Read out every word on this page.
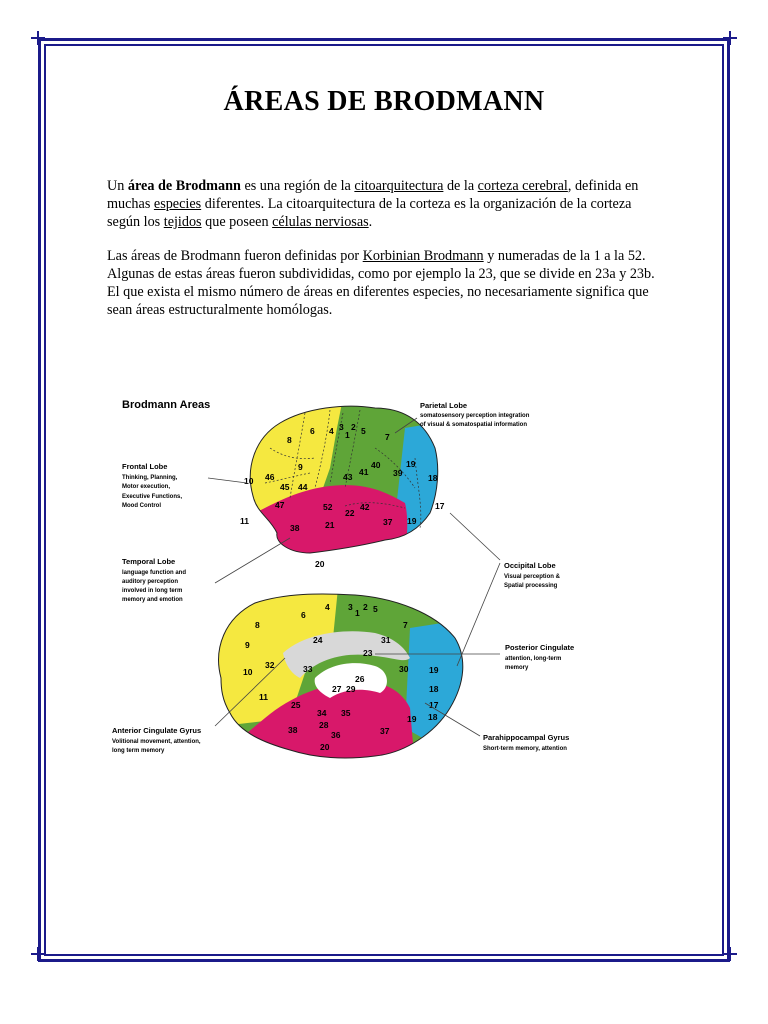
ÁREAS DE BRODMANN
Un área de Brodmann es una región de la citoarquitectura de la corteza cerebral, definida en muchas especies diferentes. La citoarquitectura de la corteza es la organización de la corteza según los tejidos que poseen células nerviosas.
Las áreas de Brodmann fueron definidas por Korbinian Brodmann y numeradas de la 1 a la 52. Algunas de estas áreas fueron subdivididas, como por ejemplo la 23, que se divide en 23a y 23b. El que exista el mismo número de áreas en diferentes especies, no necesariamente significa que sean áreas estructuralmente homólogas.
8
6 4 3
1
2 5
7
9
46
10
45 44
43 41
40
39
19
18
17
47
11
52
22
42
38	21	37
20
19
6
4 3
1
2 5
7
8
24	31
9
32
23
33	30 19
10
26
27 29	18
11
25	17
34 35
28
36
19
37
38
20
18
Brodmann Areas	Parietal Lobe
somatosensory perception integration
of visual & somatospatial information
Frontal Lobe
Thinking, Planning,
Motor execution,
Executive Functions,
Mood Control
Temporal Lobe
language function and
auditory perception
involved in long term
memory and emotion
Occipital Lobe
Visual perception &
Spatial processing
Posterior Cingulate
attention, long-term
memory
Anterior Cingulate Gyrus
Volitional movement, attention,
long term memory
Parahippocampal Gyrus
Short-term memory, attention
